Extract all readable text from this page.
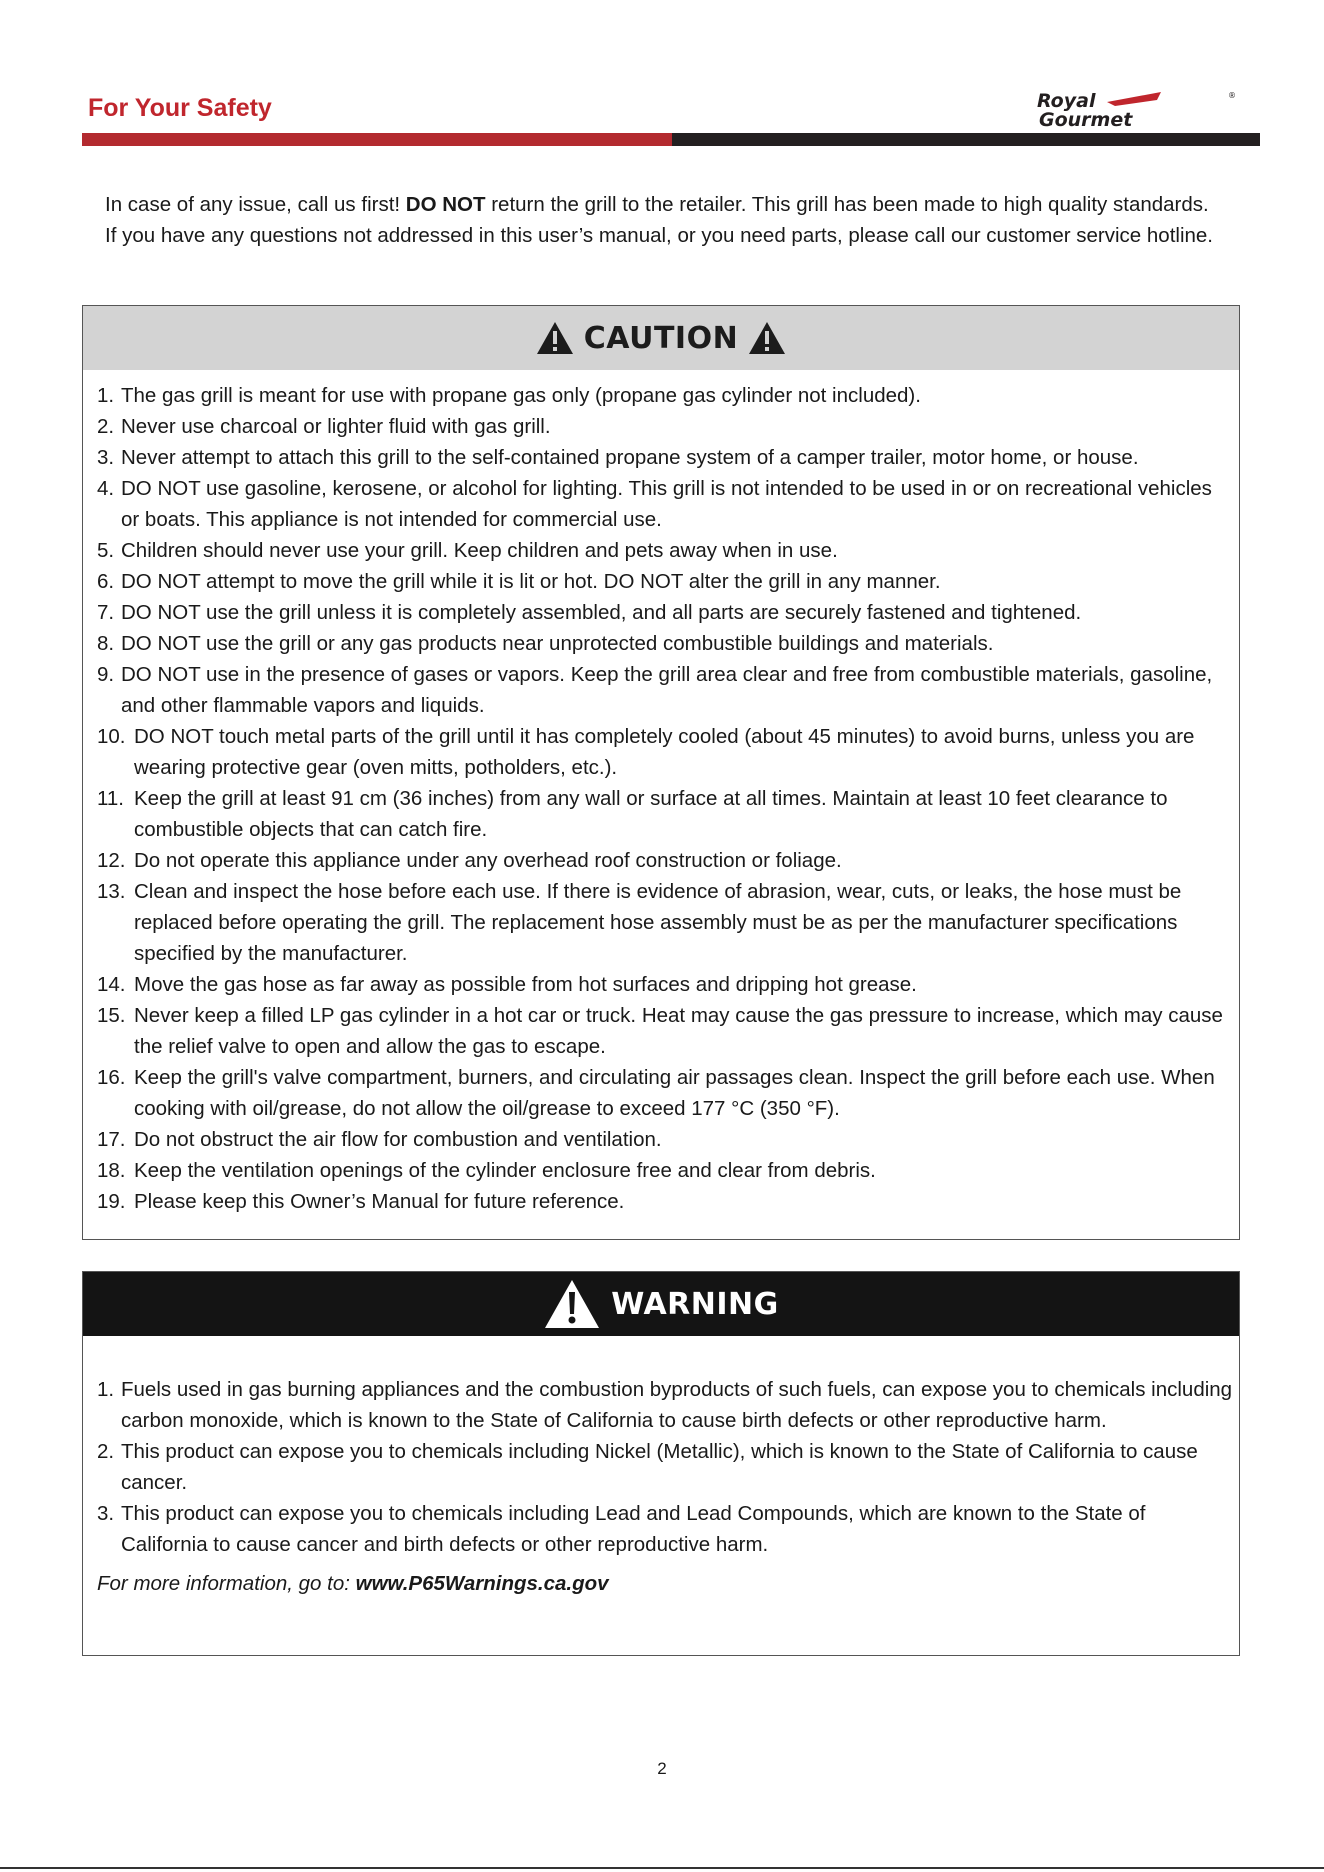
For Your Safety	Royal
Gourmet
®

In case of any issue, call us first! DO NOT return the grill to the retailer. This grill has been made to high quality standards. If you have any questions not addressed in this user’s manual, or you need parts, please call our customer service hotline.

CAUTION
1. The gas grill is meant for use with propane gas only (propane gas cylinder not included).
2. Never use charcoal or lighter fluid with gas grill.
3. Never attempt to attach this grill to the self-contained propane system of a camper trailer, motor home, or house.
4. DO NOT use gasoline, kerosene, or alcohol for lighting. This grill is not intended to be used in or on recreational vehicles or boats. This appliance is not intended for commercial use.
5. Children should never use your grill. Keep children and pets away when in use.
6. DO NOT attempt to move the grill while it is lit or hot. DO NOT alter the grill in any manner.
7. DO NOT use the grill unless it is completely assembled, and all parts are securely fastened and tightened.
8. DO NOT use the grill or any gas products near unprotected combustible buildings and materials.
9. DO NOT use in the presence of gases or vapors. Keep the grill area clear and free from combustible materials, gasoline, and other flammable vapors and liquids.
10. DO NOT touch metal parts of the grill until it has completely cooled (about 45 minutes) to avoid burns, unless you are wearing protective gear (oven mitts, potholders, etc.).
11. Keep the grill at least 91 cm (36 inches) from any wall or surface at all times. Maintain at least 10 feet clearance to combustible objects that can catch fire.
12. Do not operate this appliance under any overhead roof construction or foliage.
13. Clean and inspect the hose before each use. If there is evidence of abrasion, wear, cuts, or leaks, the hose must be replaced before operating the grill. The replacement hose assembly must be as per the manufacturer specifications specified by the manufacturer.
14. Move the gas hose as far away as possible from hot surfaces and dripping hot grease.
15. Never keep a filled LP gas cylinder in a hot car or truck. Heat may cause the gas pressure to increase, which may cause the relief valve to open and allow the gas to escape.
16. Keep the grill's valve compartment, burners, and circulating air passages clean. Inspect the grill before each use. When cooking with oil/grease, do not allow the oil/grease to exceed 177 °C (350 °F).
17. Do not obstruct the air flow for combustion and ventilation.
18. Keep the ventilation openings of the cylinder enclosure free and clear from debris.
19. Please keep this Owner’s Manual for future reference.
WARNING
1. Fuels used in gas burning appliances and the combustion byproducts of such fuels, can expose you to chemicals including carbon monoxide, which is known to the State of California to cause birth defects or other reproductive harm.
2. This product can expose you to chemicals including Nickel (Metallic), which is known to the State of California to cause cancer.
3. This product can expose you to chemicals including Lead and Lead Compounds, which are known to the State of California to cause cancer and birth defects or other reproductive harm.

For more information, go to: www.P65Warnings.ca.gov

2
